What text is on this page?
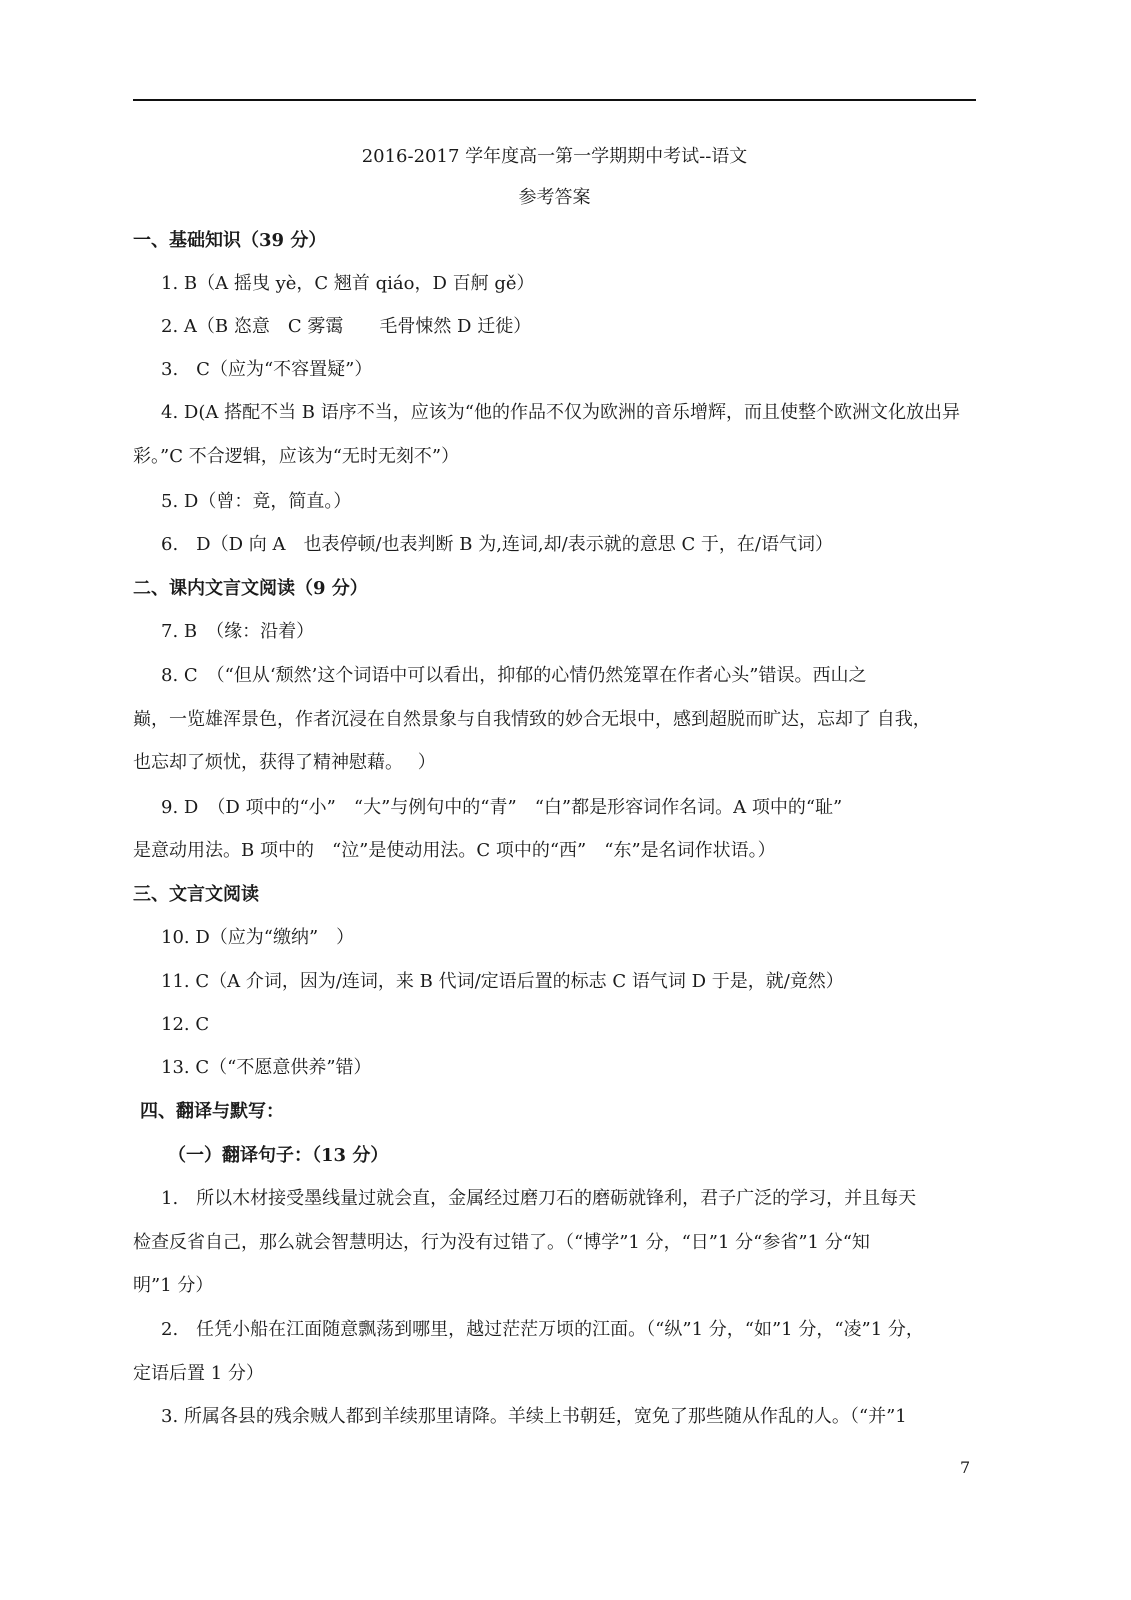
2016-2017 学年度高一第一学期期中考试--语文
参考答案
一、基础知识（39 分）
1. B（A 摇曳 yè，C 翘首 qiáo，D 百舸 gě）
2. A（B 恣意　C 雾霭　　毛骨悚然 D 迁徙）
3.　C（应为“不容置疑”）
4. D(A 搭配不当 B 语序不当，应该为“他的作品不仅为欧洲的音乐增辉，而且使整个欧洲文化放出异
彩。”C 不合逻辑，应该为“无时无刻不”）
5. D（曾：竟，简直。）
6.　D（D 向 A　也表停顿/也表判断 B 为,连词,却/表示就的意思 C 于，在/语气词）
二、课内文言文阅读（9 分）
7. B　（缘：沿着）
8. C　（“但从‘颓然’这个词语中可以看出，抑郁的心情仍然笼罩在作者心头”错误。西山之
巅，一览雄浑景色，作者沉浸在自然景象与自我情致的妙合无垠中，感到超脱而旷达，忘却了 自我，
也忘却了烦忧，获得了精神慰藉。　 ）
9. D　（D 项中的“小”　“大”与例句中的“青”　“白”都是形容词作名词。A 项中的“耻”
是意动用法。B 项中的　“泣”是使动用法。C 项中的“西”　“东”是名词作状语。）
三、文言文阅读
10. D（应为“缴纳”　）
11. C（A 介词，因为/连词，来 B 代词/定语后置的标志 C 语气词 D 于是，就/竟然）
12. C
13. C（“不愿意供养”错）
四、翻译与默写：
（一）翻译句子：（13 分）
1.　所以木材接受墨线量过就会直，金属经过磨刀石的磨砺就锋利，君子广泛的学习，并且每天
检查反省自己，那么就会智慧明达，行为没有过错了。（“博学”1 分，“日”1 分“参省”1 分“知
明”1 分）
2.　任凭小船在江面随意飘荡到哪里，越过茫茫万顷的江面。（“纵”1 分，“如”1 分，“凌”1 分，
定语后置 1 分）
3. 所属各县的残余贼人都到羊续那里请降。羊续上书朝廷，宽免了那些随从作乱的人。（“并”1
7
